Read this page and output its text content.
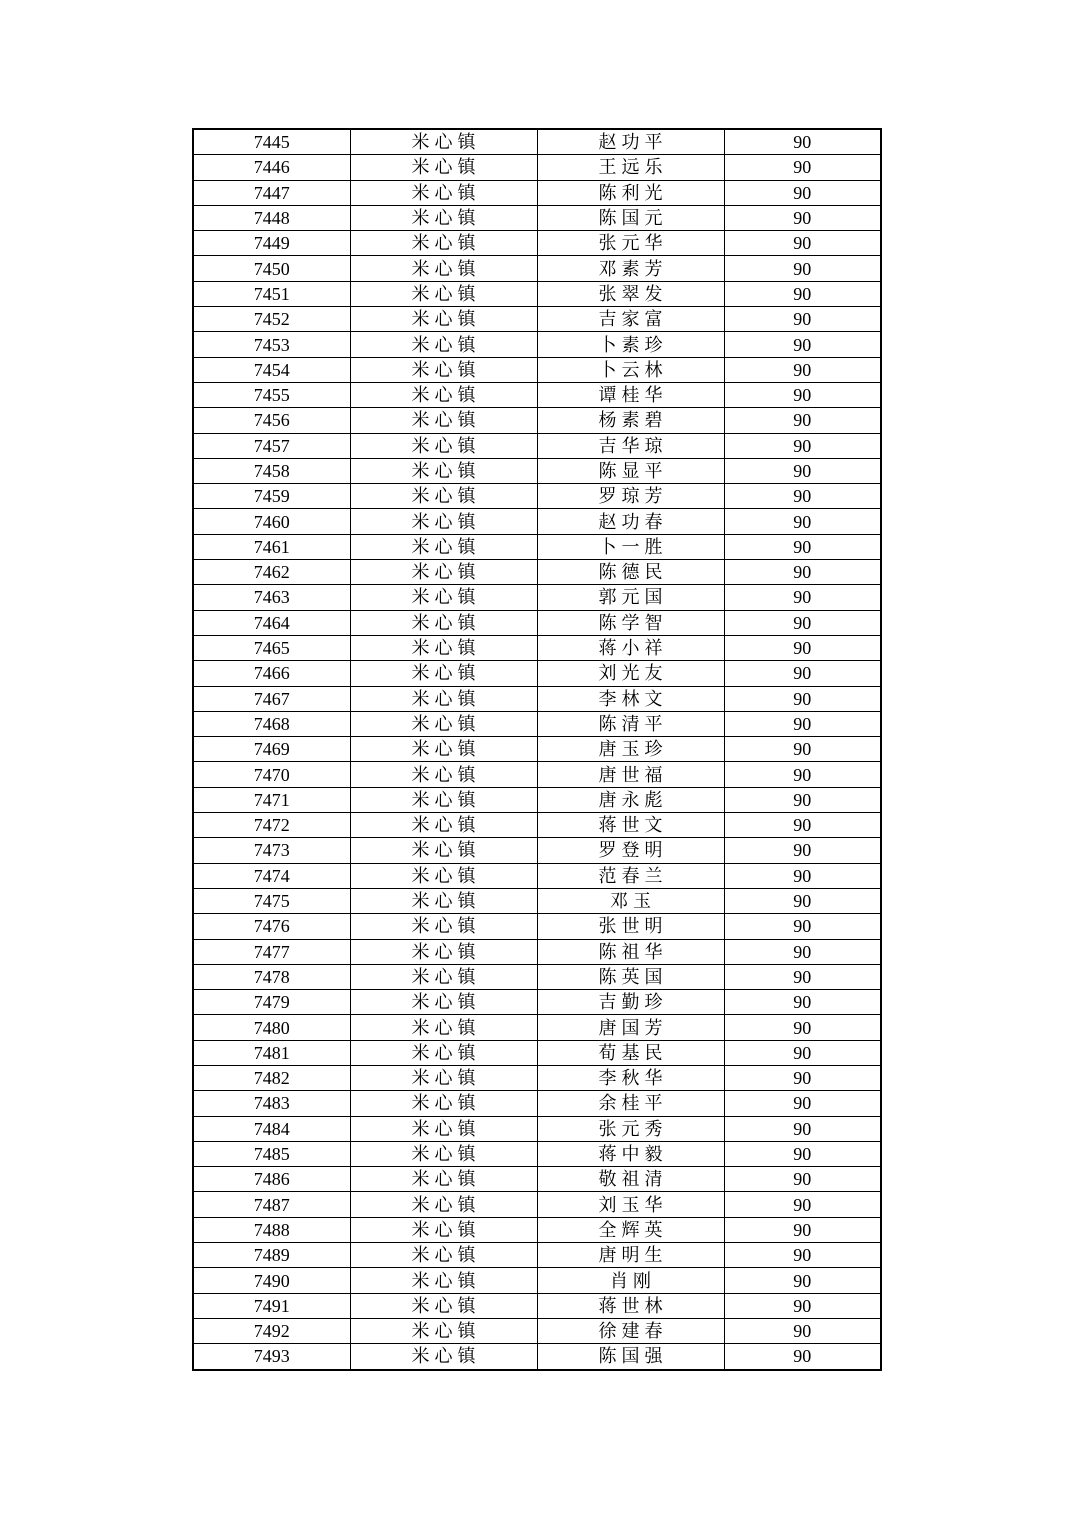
7445	米心镇	赵功平	90
7446	米心镇	王远乐	90
7447	米心镇	陈利光	90
7448	米心镇	陈国元	90
7449	米心镇	张元华	90
7450	米心镇	邓素芳	90
7451	米心镇	张翠发	90
7452	米心镇	吉家富	90
7453	米心镇	卜素珍	90
7454	米心镇	卜云林	90
7455	米心镇	谭桂华	90
7456	米心镇	杨素碧	90
7457	米心镇	吉华琼	90
7458	米心镇	陈显平	90
7459	米心镇	罗琼芳	90
7460	米心镇	赵功春	90
7461	米心镇	卜一胜	90
7462	米心镇	陈德民	90
7463	米心镇	郭元国	90
7464	米心镇	陈学智	90
7465	米心镇	蒋小祥	90
7466	米心镇	刘光友	90
7467	米心镇	李林文	90
7468	米心镇	陈清平	90
7469	米心镇	唐玉珍	90
7470	米心镇	唐世福	90
7471	米心镇	唐永彪	90
7472	米心镇	蒋世文	90
7473	米心镇	罗登明	90
7474	米心镇	范春兰	90
7475	米心镇	邓玉	90
7476	米心镇	张世明	90
7477	米心镇	陈祖华	90
7478	米心镇	陈英国	90
7479	米心镇	吉勤珍	90
7480	米心镇	唐国芳	90
7481	米心镇	荀基民	90
7482	米心镇	李秋华	90
7483	米心镇	余桂平	90
7484	米心镇	张元秀	90
7485	米心镇	蒋中毅	90
7486	米心镇	敬祖清	90
7487	米心镇	刘玉华	90
7488	米心镇	全辉英	90
7489	米心镇	唐明生	90
7490	米心镇	肖刚	90
7491	米心镇	蒋世林	90
7492	米心镇	徐建春	90
7493	米心镇	陈国强	90
